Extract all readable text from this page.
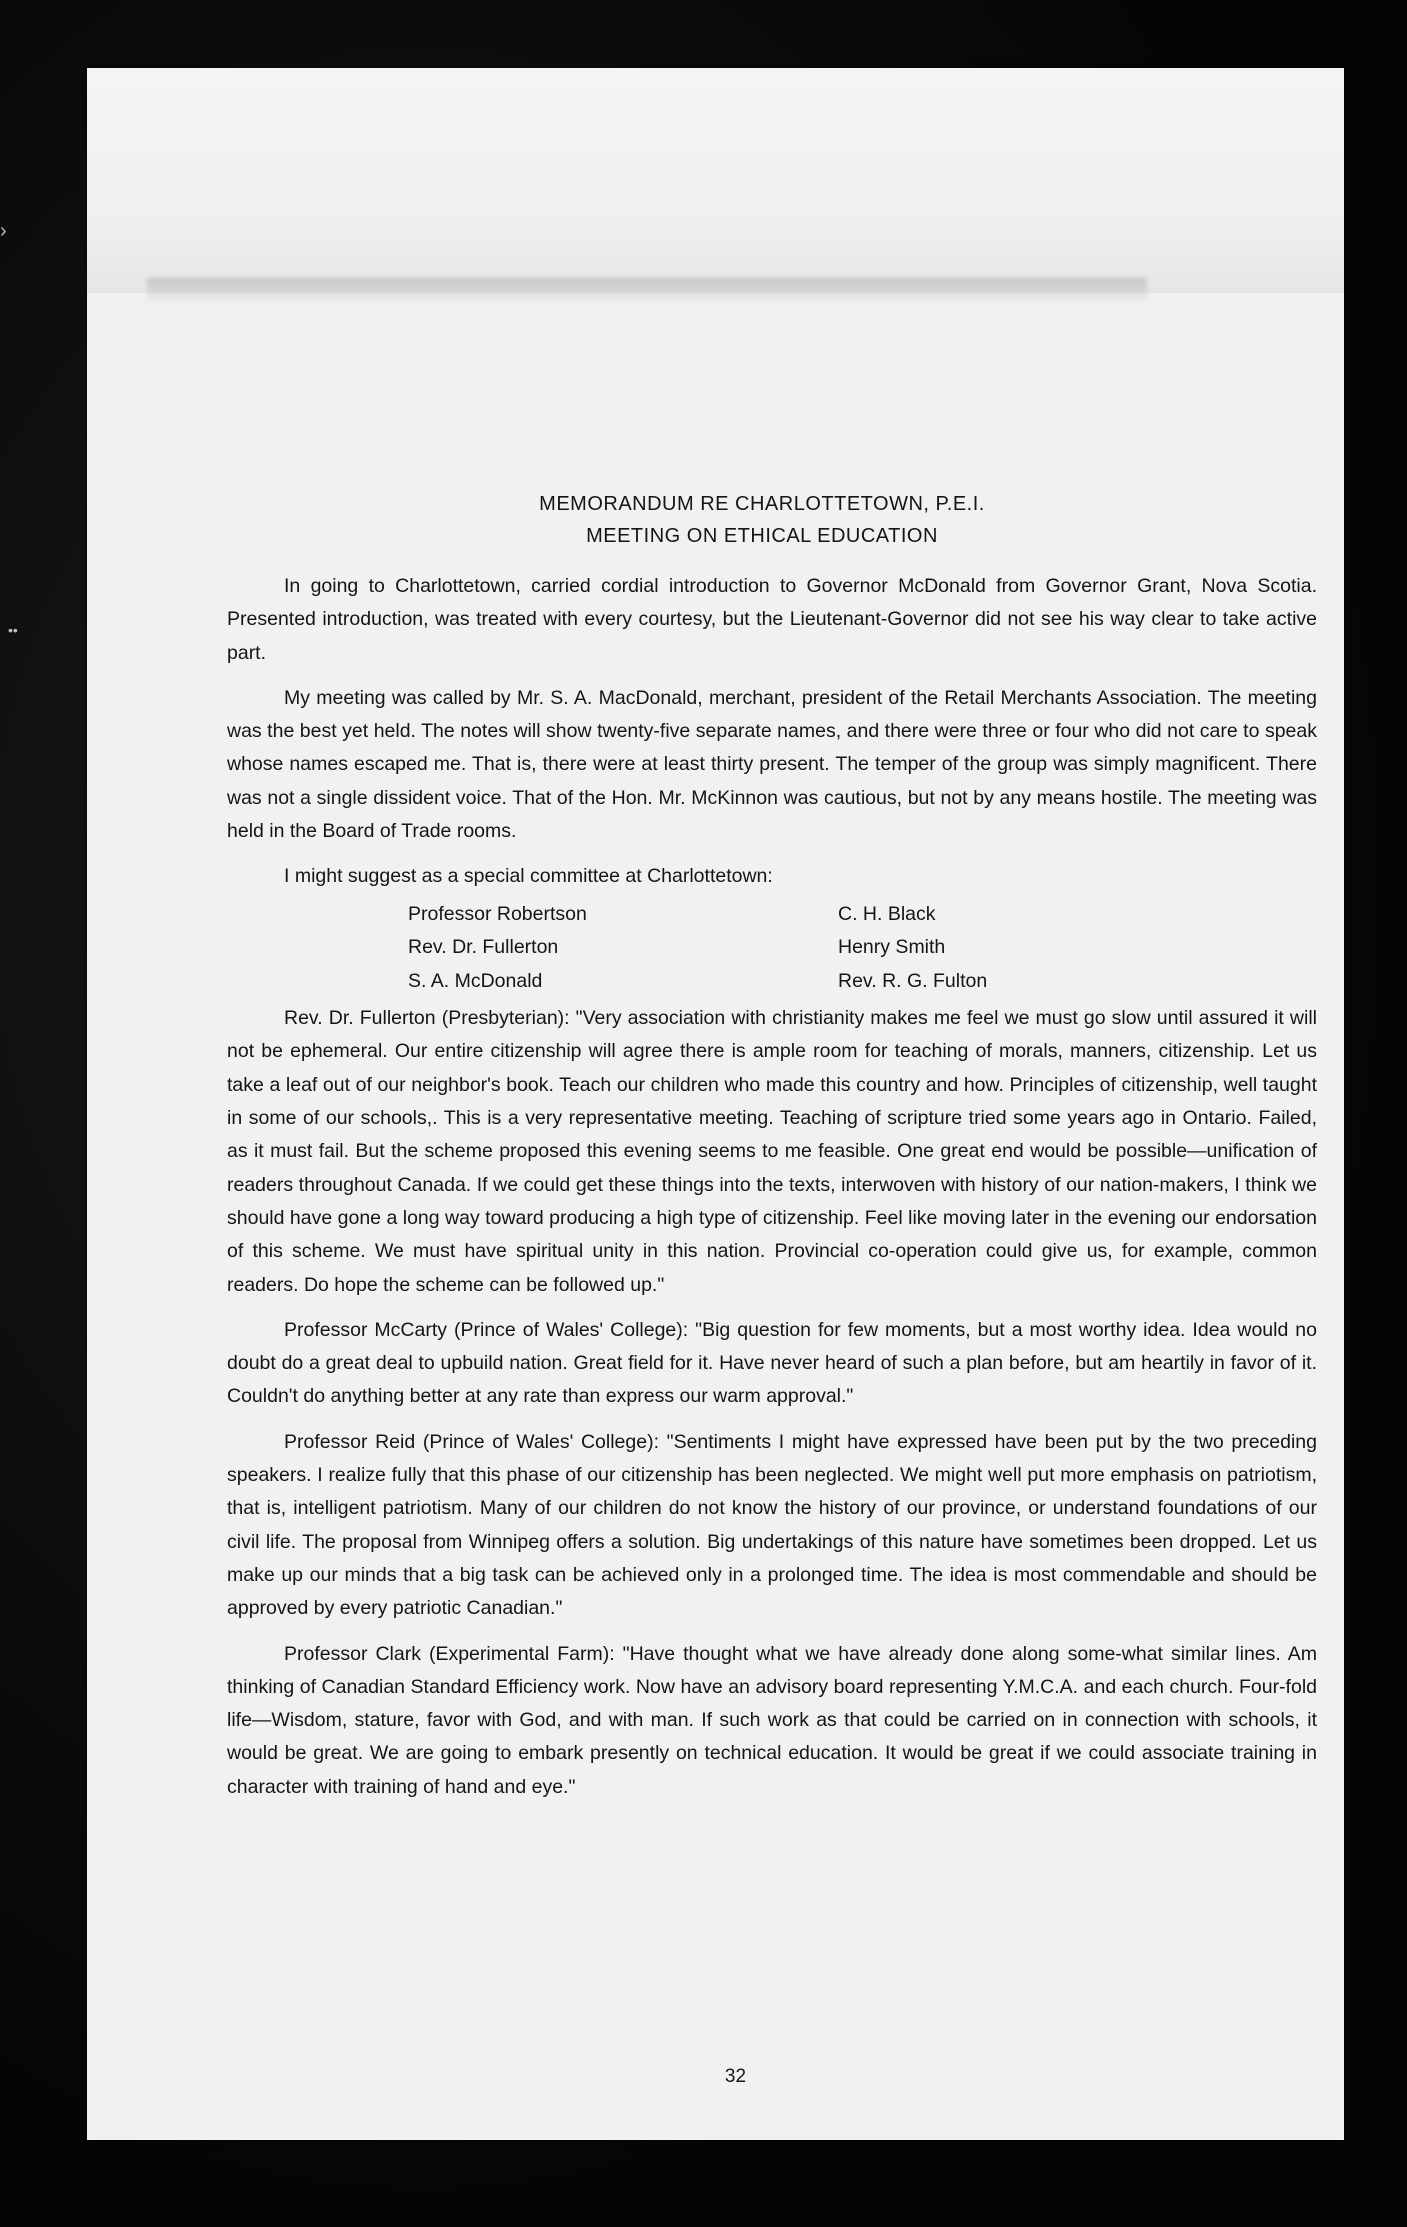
›
••
MEMORANDUM RE CHARLOTTETOWN, P.E.I.
MEETING ON ETHICAL EDUCATION

In going to Charlottetown, carried cordial introduction to Governor McDonald from Governor Grant, Nova Scotia. Presented introduction, was treated with every courtesy, but the Lieutenant-Governor did not see his way clear to take active part.

My meeting was called by Mr. S. A. MacDonald, merchant, president of the Retail Merchants Association. The meeting was the best yet held. The notes will show twenty-five separate names, and there were three or four who did not care to speak whose names escaped me. That is, there were at least thirty present. The temper of the group was simply magnificent. There was not a single dissident voice. That of the Hon. Mr. McKinnon was cautious, but not by any means hostile. The meeting was held in the Board of Trade rooms.

I might suggest as a special committee at Charlottetown:

Professor Robertson	C. H. Black
Rev. Dr. Fullerton	Henry Smith
S. A. McDonald	Rev. R. G. Fulton

Rev. Dr. Fullerton (Presbyterian): "Very association with christianity makes me feel we must go slow until assured it will not be ephemeral. Our entire citizenship will agree there is ample room for teaching of morals, manners, citizenship. Let us take a leaf out of our neighbor's book. Teach our children who made this country and how. Principles of citizenship, well taught in some of our schools,. This is a very representative meeting. Teaching of scripture tried some years ago in Ontario. Failed, as it must fail. But the scheme proposed this evening seems to me feasible. One great end would be possible—unification of readers throughout Canada. If we could get these things into the texts, interwoven with history of our nation-makers, I think we should have gone a long way toward producing a high type of citizenship. Feel like moving later in the evening our endorsation of this scheme. We must have spiritual unity in this nation. Provincial co-operation could give us, for example, common readers. Do hope the scheme can be followed up."

Professor McCarty (Prince of Wales' College): "Big question for few moments, but a most worthy idea. Idea would no doubt do a great deal to upbuild nation. Great field for it. Have never heard of such a plan before, but am heartily in favor of it. Couldn't do anything better at any rate than express our warm approval."

Professor Reid (Prince of Wales' College): "Sentiments I might have expressed have been put by the two preceding speakers. I realize fully that this phase of our citizenship has been neglected. We might well put more emphasis on patriotism, that is, intelligent patriotism. Many of our children do not know the history of our province, or understand foundations of our civil life. The proposal from Winnipeg offers a solution. Big undertakings of this nature have sometimes been dropped. Let us make up our minds that a big task can be achieved only in a prolonged time. The idea is most commendable and should be approved by every patriotic Canadian."

Professor Clark (Experimental Farm): "Have thought what we have already done along some-what similar lines. Am thinking of Canadian Standard Efficiency work. Now have an advisory board representing Y.M.C.A. and each church. Four-fold life—Wisdom, stature, favor with God, and with man. If such work as that could be carried on in connection with schools, it would be great. We are going to embark presently on technical education. It would be great if we could associate training in character with training of hand and eye."

32
